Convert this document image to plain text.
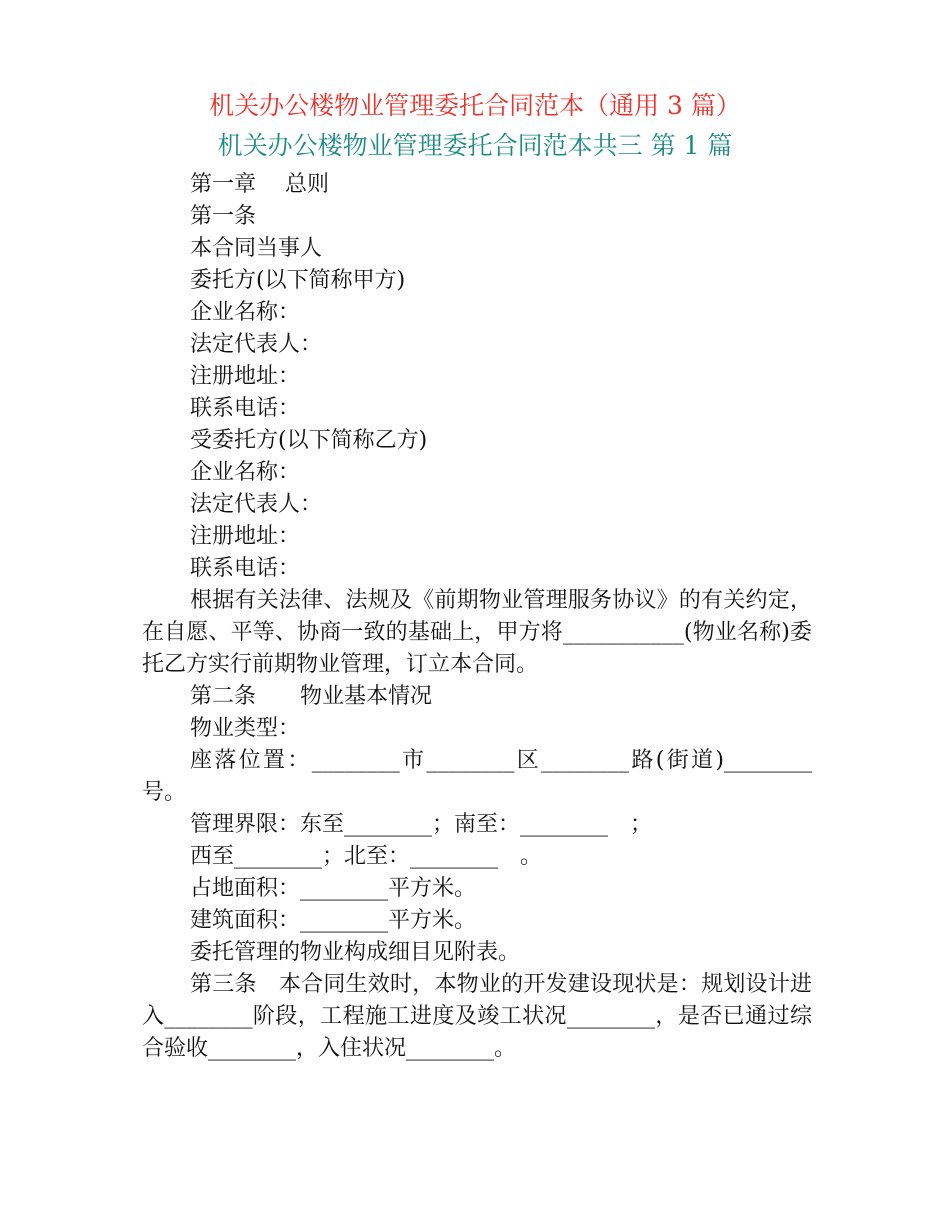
机关办公楼物业管理委托合同范本（通用 3 篇）
机关办公楼物业管理委托合同范本共三 第 1 篇

第一章　 总则

第一条

本合同当事人

委托方(以下简称甲方)

企业名称：

法定代表人：

注册地址：

联系电话：

受委托方(以下简称乙方)

企业名称：

法定代表人：

注册地址：

联系电话：

根据有关法律、法规及《前期物业管理服务协议》的有关约定，在自愿、平等、协商一致的基础上，甲方将___________(物业名称)委托乙方实行前期物业管理，订立本合同。

第二条　　物业基本情况

物业类型：

座落位置：________市________区________路(街道)________号。

管理界限：东至________；南至：________　；

西至________；北至：________　。

占地面积：________平方米。

建筑面积：________平方米。

委托管理的物业构成细目见附表。

第三条　本合同生效时，本物业的开发建设现状是：规划设计进入________阶段，工程施工进度及竣工状况________，是否已通过综合验收________，入住状况________。
